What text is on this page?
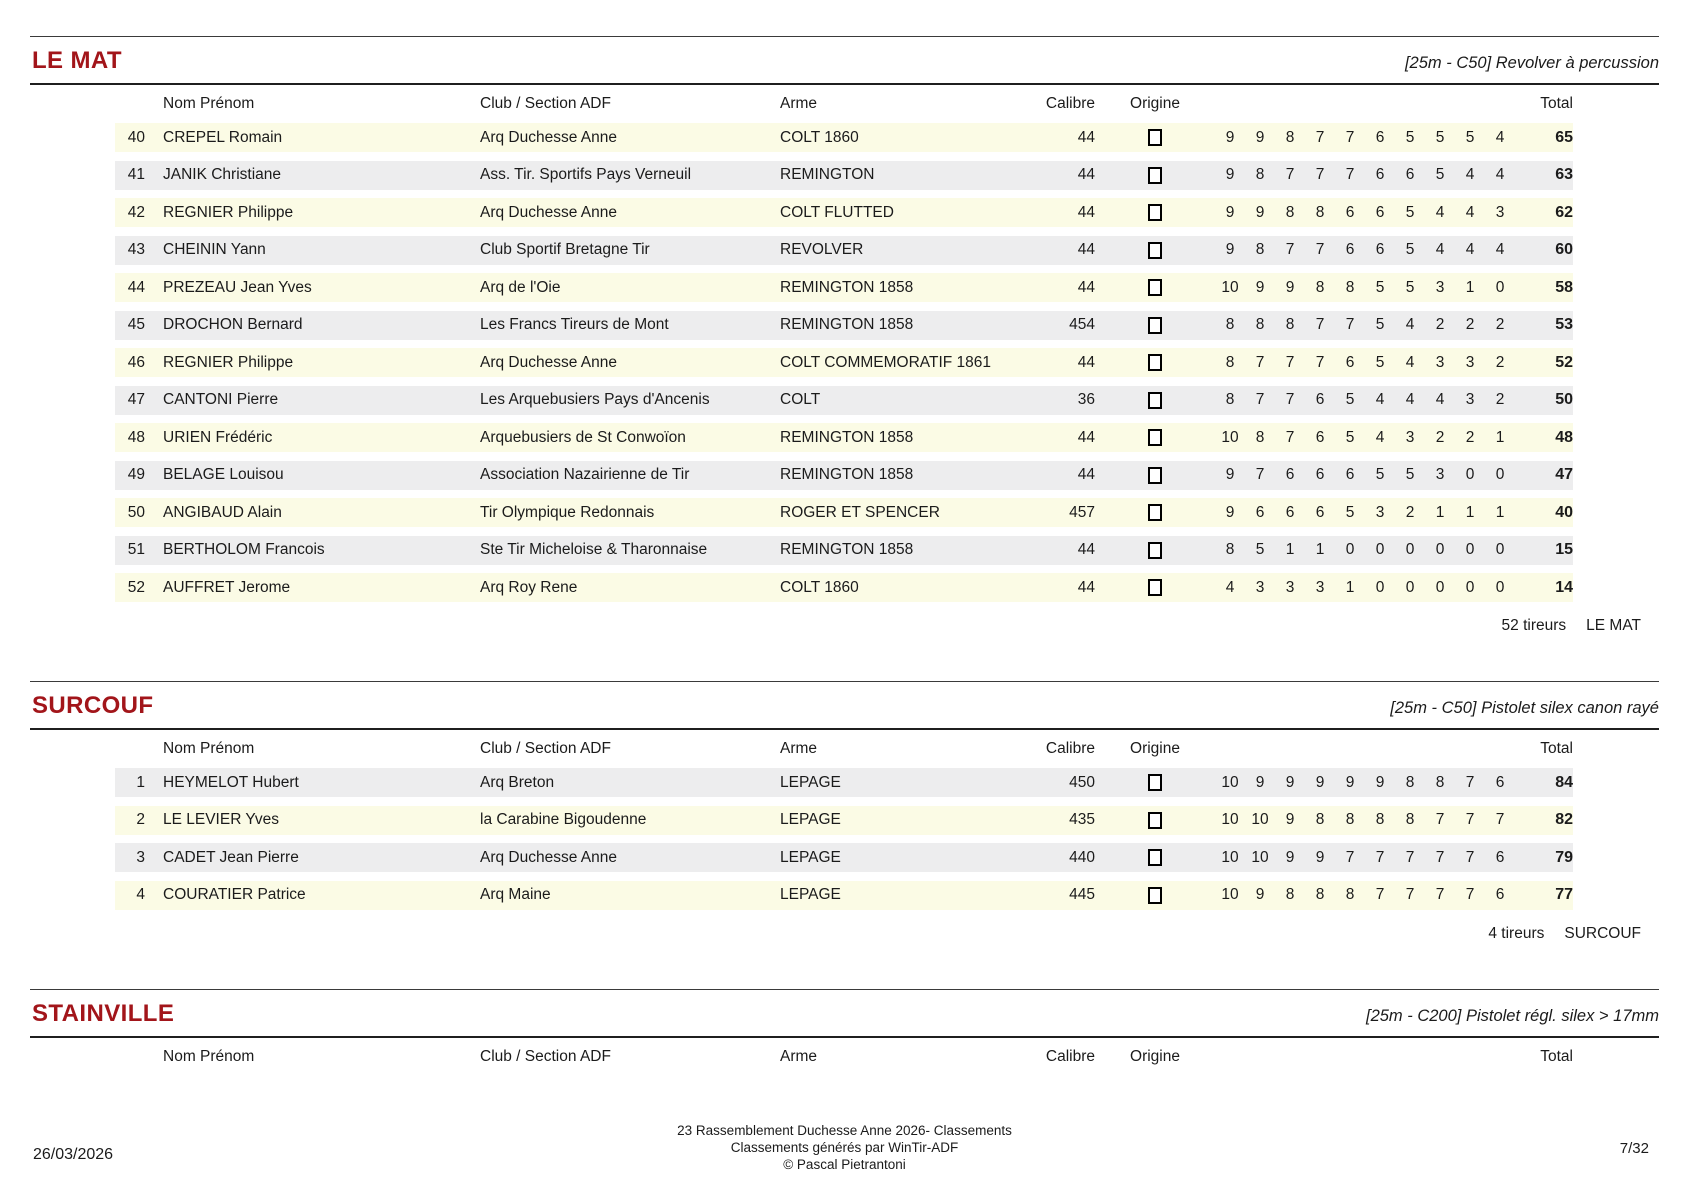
LE MAT	[25m - C50] Revolver à percussion
Nom Prénom	Club / Section ADF	Arme	Calibre Origine	Total
40	CREPEL Romain	Arq Duchesse Anne	COLT 1860	44	9	9	8	7	7	6	5	5	5	4	65
41	JANIK Christiane	Ass. Tir. Sportifs Pays Verneuil	REMINGTON	44	9	8	7	7	7	6	6	5	4	4	63
42	REGNIER Philippe	Arq Duchesse Anne	COLT FLUTTED	44	9	9	8	8	6	6	5	4	4	3	62
43	CHEININ Yann	Club Sportif Bretagne Tir	REVOLVER	44	9	8	7	7	6	6	5	4	4	4	60
44	PREZEAU Jean Yves	Arq de l'Oie	REMINGTON 1858	44	10	9	9	8	8	5	5	3	1	0	58
45	DROCHON Bernard	Les Francs Tireurs de Mont	REMINGTON 1858	454	8	8	8	7	7	5	4	2	2	2	53
46	REGNIER Philippe	Arq Duchesse Anne	COLT COMMEMORATIF 1861	44	8	7	7	7	6	5	4	3	3	2	52
47	CANTONI Pierre	Les Arquebusiers Pays d'Ancenis	COLT	36	8	7	7	6	5	4	4	4	3	2	50
48	URIEN Frédéric	Arquebusiers de St Conwoïon	REMINGTON 1858	44	10	8	7	6	5	4	3	2	2	1	48
49	BELAGE Louisou	Association Nazairienne de Tir	REMINGTON 1858	44	9	7	6	6	6	5	5	3	0	0	47
50	ANGIBAUD Alain	Tir Olympique Redonnais	ROGER ET SPENCER	457	9	6	6	6	5	3	2	1	1	1	40
51	BERTHOLOM Francois	Ste Tir Micheloise & Tharonnaise	REMINGTON 1858	44	8	5	1	1	0	0	0	0	0	0	15
52	AUFFRET Jerome	Arq Roy Rene	COLT 1860	44	4	3	3	3	1	0	0	0	0	0	14
52 tireurs LE MAT
SURCOUF	[25m - C50] Pistolet silex canon rayé
Nom Prénom	Club / Section ADF	Arme	Calibre Origine	Total
1	HEYMELOT Hubert	Arq Breton	LEPAGE	450	10	9	9	9	9	9	8	8	7	6	84
2	LE LEVIER Yves	la Carabine Bigoudenne	LEPAGE	435	10 10	9	8	8	8	8	7	7	7	82
3	CADET Jean Pierre	Arq Duchesse Anne	LEPAGE	440	10 10	9	9	7	7	7	7	7	6	79
4	COURATIER Patrice	Arq Maine	LEPAGE	445	10	9	8	8	8	7	7	7	7	6	77
4 tireurs SURCOUF
STAINVILLE	[25m - C200] Pistolet régl. silex > 17mm
Nom Prénom	Club / Section ADF	Arme	Calibre Origine	Total
26/03/2026
23 Rassemblement Duchesse Anne 2026- Classements
Classements générés par WinTir-ADF
© Pascal Pietrantoni
7/32
